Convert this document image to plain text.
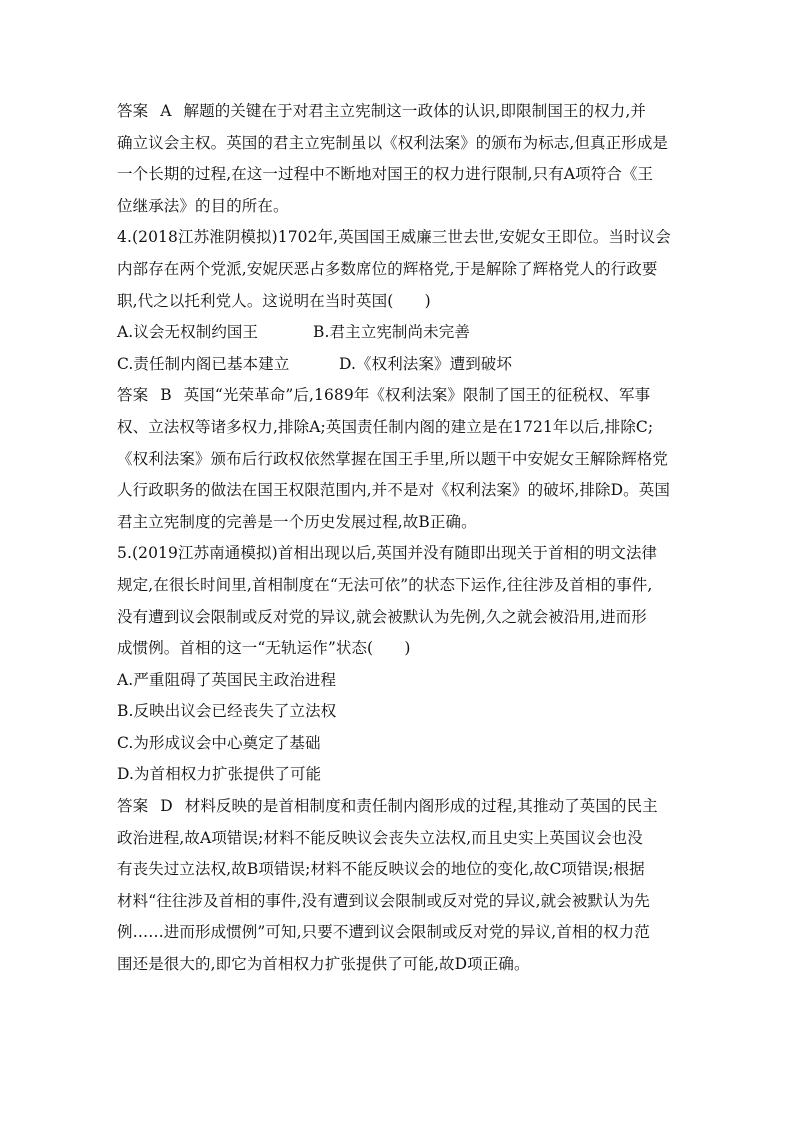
答案 A 解题的关键在于对君主立宪制这一政体的认识,即限制国王的权力,并
确立议会主权。英国的君主立宪制虽以《权利法案》的颁布为标志,但真正形成是
一个长期的过程,在这一过程中不断地对国王的权力进行限制,只有A项符合《王
位继承法》的目的所在。
4.(2018江苏淮阴模拟)1702年,英国国王威廉三世去世,安妮女王即位。当时议会
内部存在两个党派,安妮厌恶占多数席位的辉格党,于是解除了辉格党人的行政要
职,代之以托利党人。这说明在当时英国(　　)
A.议会无权制约国王	B.君主立宪制尚未完善
C.责任制内阁已基本建立	D.《权利法案》遭到破坏
答案 B 英国“光荣革命”后,1689年《权利法案》限制了国王的征税权、军事
权、立法权等诸多权力,排除A;英国责任制内阁的建立是在1721年以后,排除C;
《权利法案》颁布后行政权依然掌握在国王手里,所以题干中安妮女王解除辉格党
人行政职务的做法在国王权限范围内,并不是对《权利法案》的破坏,排除D。英国
君主立宪制度的完善是一个历史发展过程,故B正确。
5.(2019江苏南通模拟)首相出现以后,英国并没有随即出现关于首相的明文法律
规定,在很长时间里,首相制度在“无法可依”的状态下运作,往往涉及首相的事件,
没有遭到议会限制或反对党的异议,就会被默认为先例,久之就会被沿用,进而形
成惯例。首相的这一“无轨运作”状态(　　)
A.严重阻碍了英国民主政治进程
B.反映出议会已经丧失了立法权
C.为形成议会中心奠定了基础
D.为首相权力扩张提供了可能
答案 D 材料反映的是首相制度和责任制内阁形成的过程,其推动了英国的民主
政治进程,故A项错误;材料不能反映议会丧失立法权,而且史实上英国议会也没
有丧失过立法权,故B项错误;材料不能反映议会的地位的变化,故C项错误;根据
材料“往往涉及首相的事件,没有遭到议会限制或反对党的异议,就会被默认为先
例……进而形成惯例”可知,只要不遭到议会限制或反对党的异议,首相的权力范
围还是很大的,即它为首相权力扩张提供了可能,故D项正确。
